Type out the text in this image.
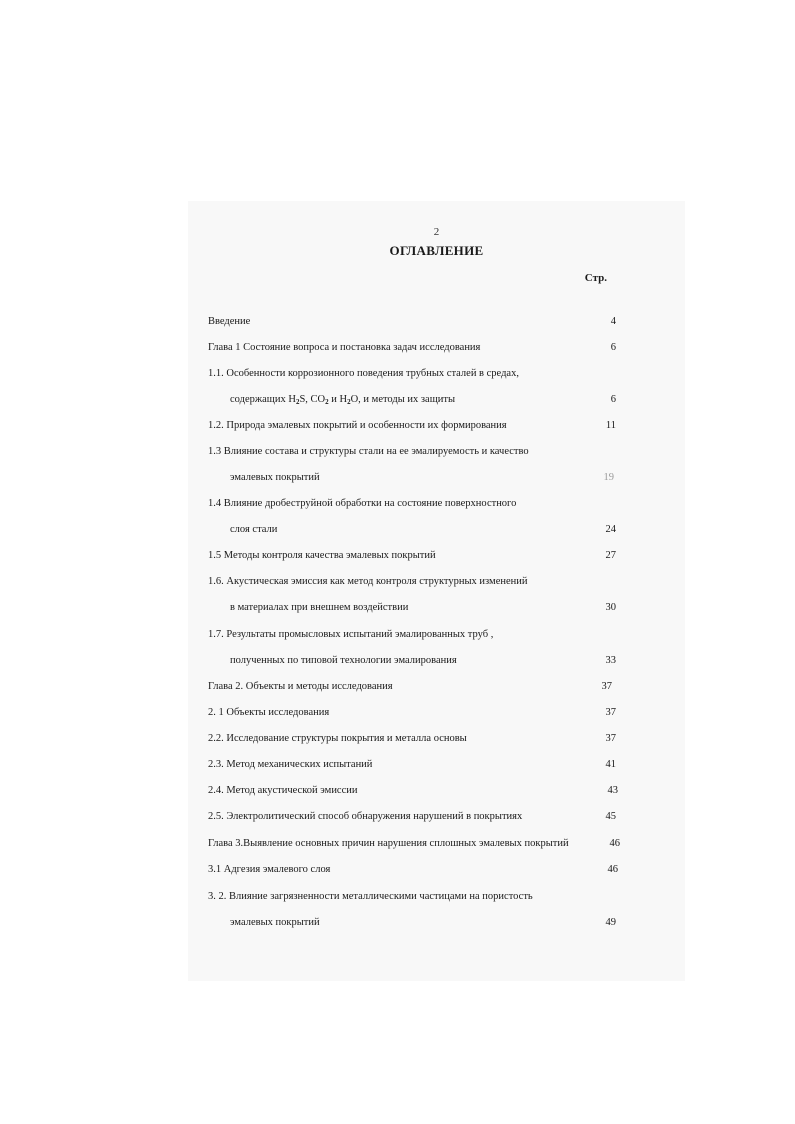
2
ОГЛАВЛЕНИЕ
Стр.
Введение	4
Глава 1 Состояние вопроса и постановка задач исследования	6
1.1. Особенности коррозионного поведения трубных сталей в средах,
содержащих $H_2S$, $CO_2$ и $H_2O$, и методы их защиты	6
1.2. Природа эмалевых покрытий и особенности их формирования	11
1.3 Влияние состава и структуры стали на ее эмалируемость и качество
эмалевых покрытий	19
1.4 Влияние дробеструйной обработки на состояние поверхностного
слоя стали	24
1.5 Методы контроля качества эмалевых покрытий	27
1.6. Акустическая эмиссия как метод контроля структурных изменений
в материалах при внешнем воздействии	30
1.7. Результаты промысловых испытаний эмалированных труб ,
полученных по типовой технологии эмалирования	33
Глава 2. Объекты и методы исследования	37
2. 1 Объекты исследования	37
2.2. Исследование структуры покрытия и металла основы	37
2.3. Метод механических испытаний	41
2.4. Метод акустической эмиссии	43
2.5. Электролитический способ обнаружения нарушений в покрытиях	45
Глава 3.Выявление основных причин нарушения сплошных эмалевых покрытий	46
3.1 Адгезия эмалевого слоя	46
3. 2. Влияние загрязненности металлическими частицами на пористость
эмалевых покрытий	49
